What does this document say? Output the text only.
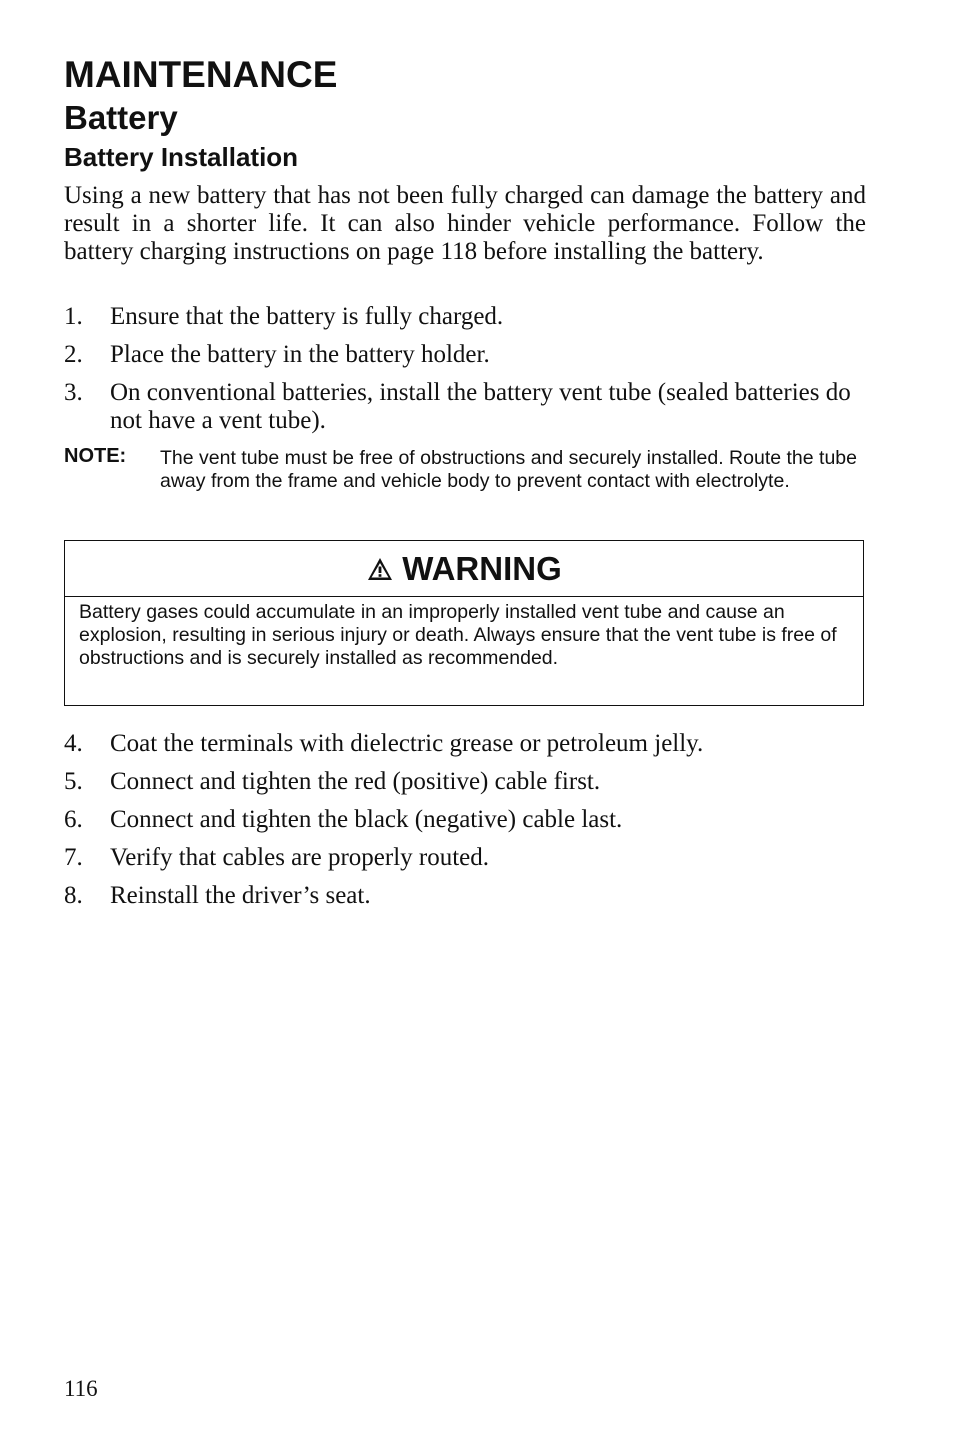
MAINTENANCE
Battery
Battery Installation

Using a new battery that has not been fully charged can damage the battery and result in a shorter life. It can also hinder vehicle performance. Follow the battery charging instructions on page 118 before installing the battery.

1. Ensure that the battery is fully charged.
2. Place the battery in the battery holder.
3. On conventional batteries, install the battery vent tube (sealed batteries do not have a vent tube).
NOTE: The vent tube must be free of obstructions and securely installed. Route the tube away from the frame and vehicle body to prevent contact with electrolyte.
WARNING
Battery gases could accumulate in an improperly installed vent tube and cause an explosion, resulting in serious injury or death. Always ensure that the vent tube is free of obstructions and is securely installed as recommended.
4. Coat the terminals with dielectric grease or petroleum jelly.
5. Connect and tighten the red (positive) cable first.
6. Connect and tighten the black (negative) cable last.
7. Verify that cables are properly routed.
8. Reinstall the driver’s seat.
116
